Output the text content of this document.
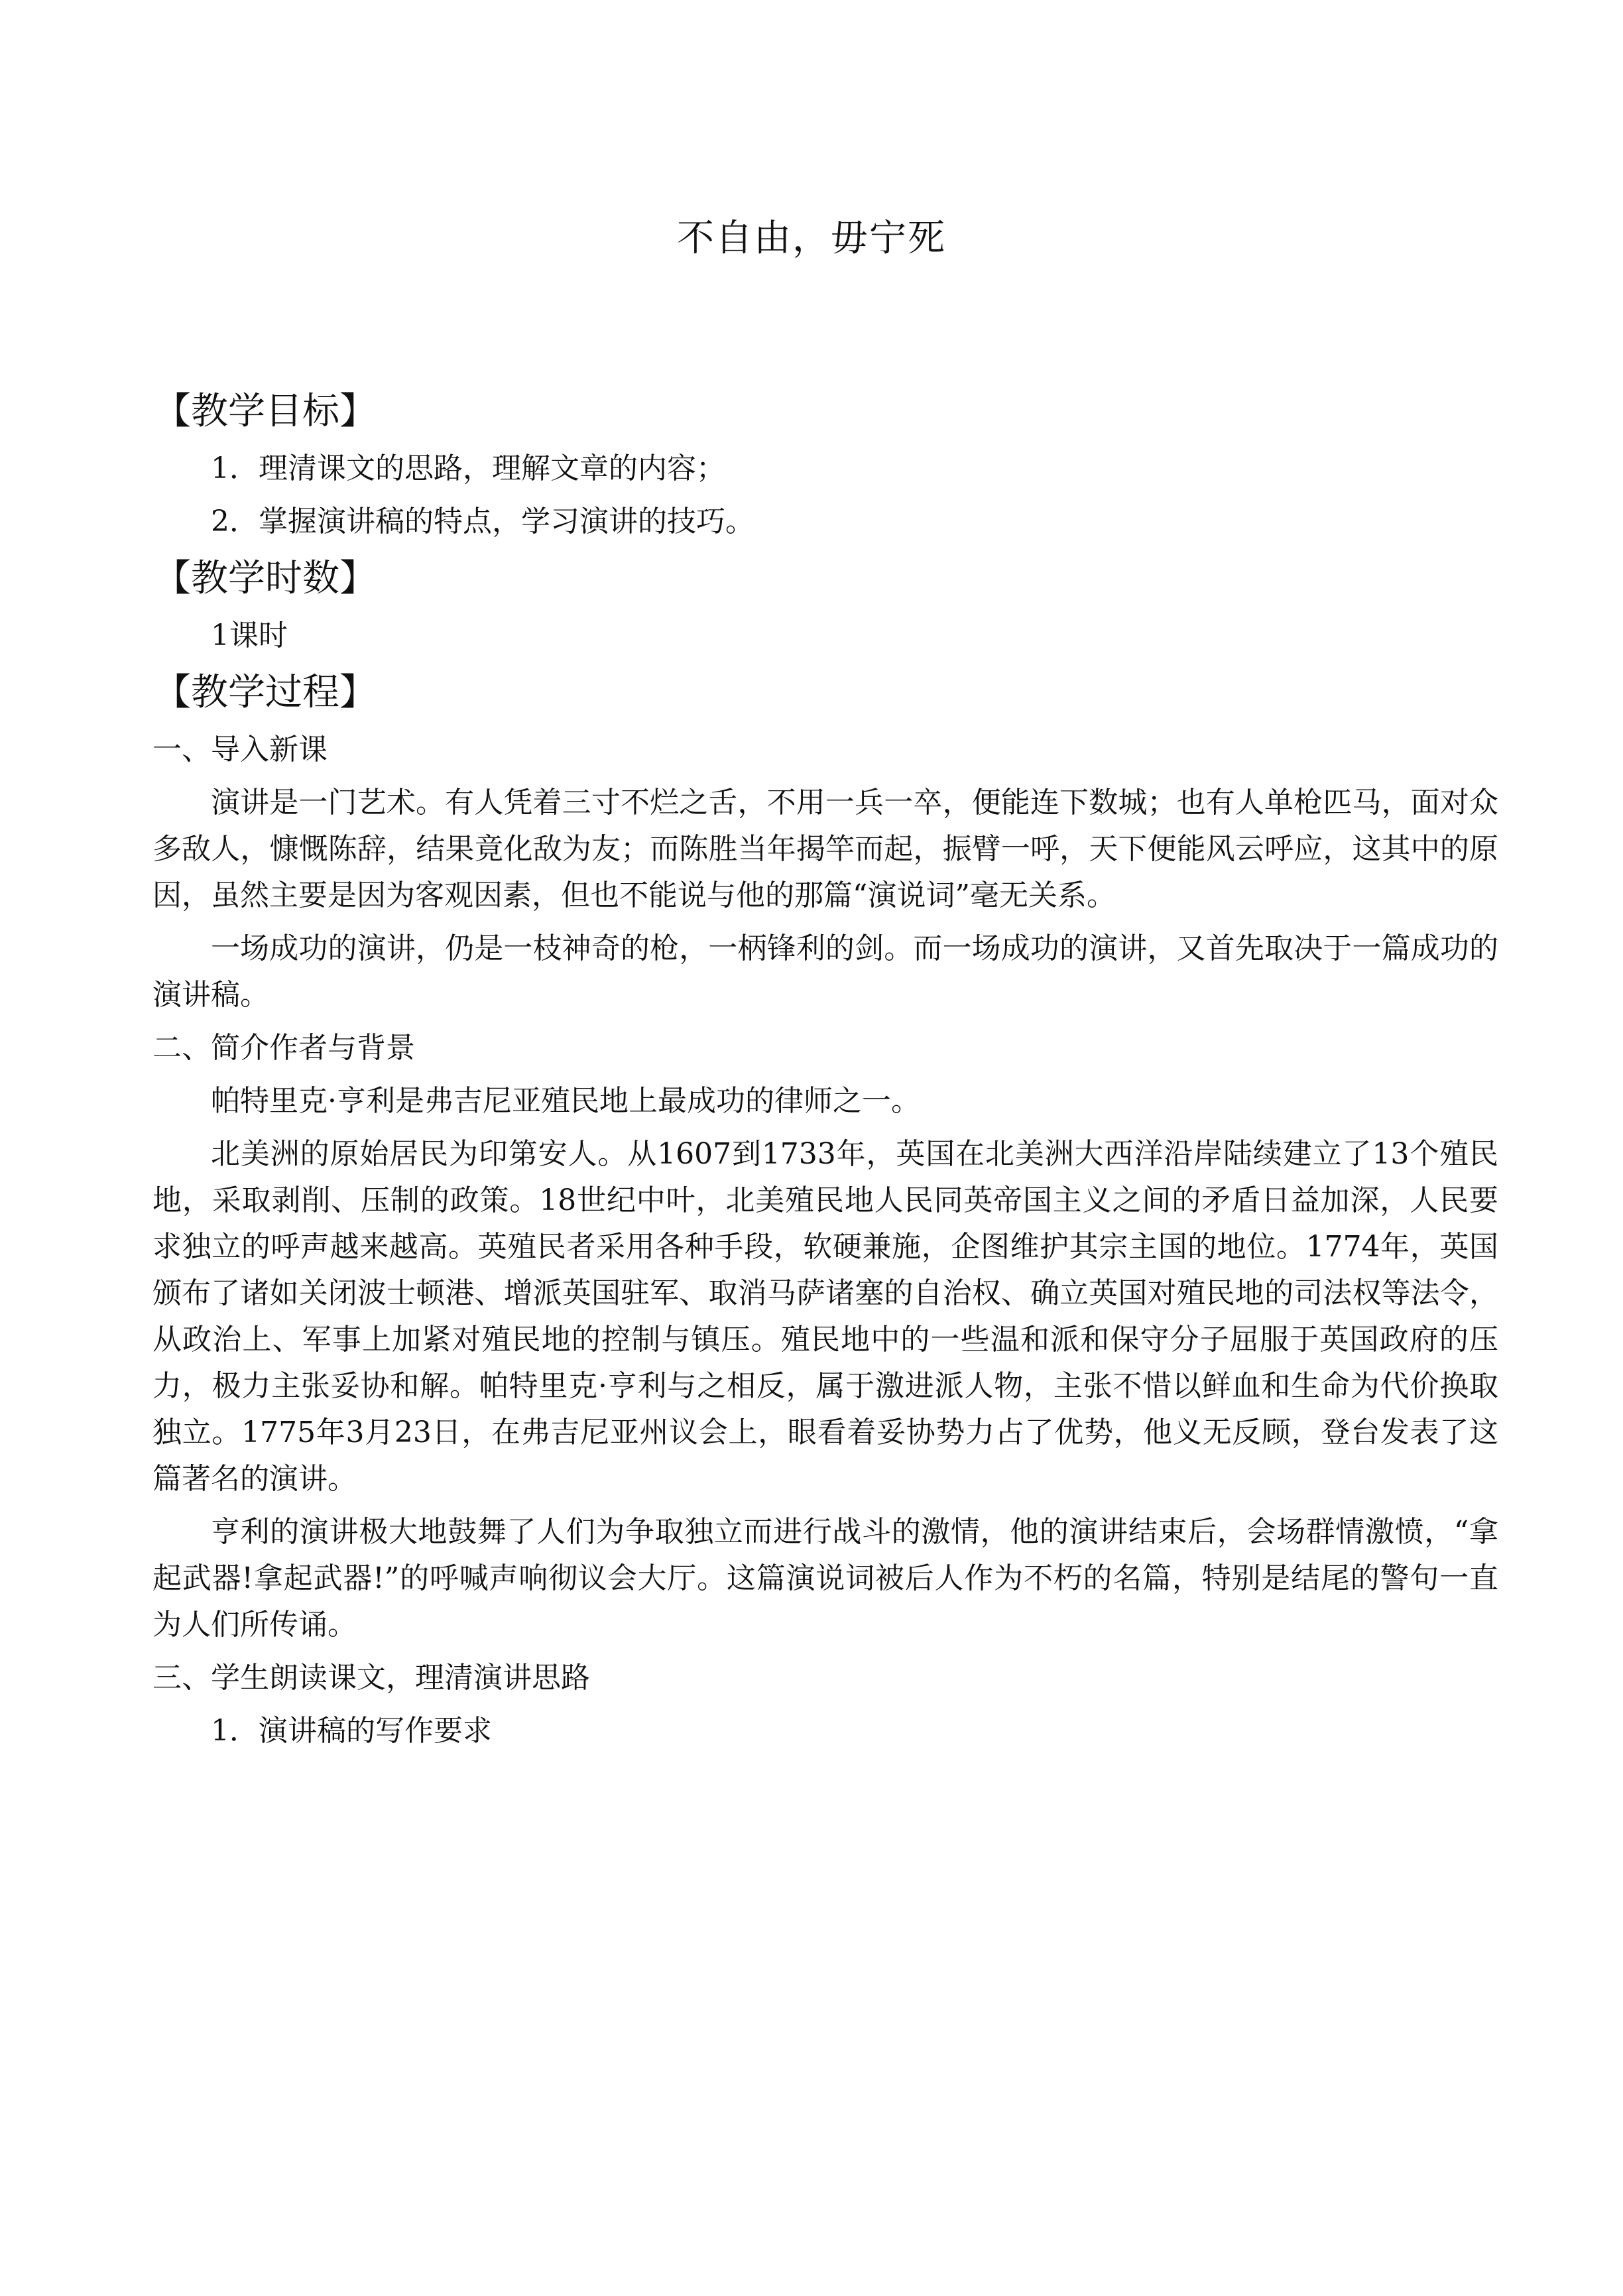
不自由，毋宁死
【教学目标】

1．理清课文的思路，理解文章的内容；

2．掌握演讲稿的特点，学习演讲的技巧。

【教学时数】

1课时

【教学过程】

一、导入新课

演讲是一门艺术。有人凭着三寸不烂之舌，不用一兵一卒，便能连下数城；也有人单枪匹马，面对众多敌人，慷慨陈辞，结果竟化敌为友；而陈胜当年揭竿而起，振臂一呼，天下便能风云呼应，这其中的原因，虽然主要是因为客观因素，但也不能说与他的那篇“演说词”毫无关系。

一场成功的演讲，仍是一枝神奇的枪，一柄锋利的剑。而一场成功的演讲，又首先取决于一篇成功的演讲稿。

二、简介作者与背景

帕特里克·亨利是弗吉尼亚殖民地上最成功的律师之一。

北美洲的原始居民为印第安人。从1607到1733年，英国在北美洲大西洋沿岸陆续建立了13个殖民地，采取剥削、压制的政策。18世纪中叶，北美殖民地人民同英帝国主义之间的矛盾日益加深，人民要求独立的呼声越来越高。英殖民者采用各种手段，软硬兼施，企图维护其宗主国的地位。1774年，英国颁布了诸如关闭波士顿港、增派英国驻军、取消马萨诸塞的自治权、确立英国对殖民地的司法权等法令，从政治上、军事上加紧对殖民地的控制与镇压。殖民地中的一些温和派和保守分子屈服于英国政府的压力，极力主张妥协和解。帕特里克·亨利与之相反，属于激进派人物，主张不惜以鲜血和生命为代价换取独立。1775年3月23日，在弗吉尼亚州议会上，眼看着妥协势力占了优势，他义无反顾，登台发表了这篇著名的演讲。

亨利的演讲极大地鼓舞了人们为争取独立而进行战斗的激情，他的演讲结束后，会场群情激愤，“拿起武器!拿起武器!”的呼喊声响彻议会大厅。这篇演说词被后人作为不朽的名篇，特别是结尾的警句一直为人们所传诵。

三、学生朗读课文，理清演讲思路

1．演讲稿的写作要求
